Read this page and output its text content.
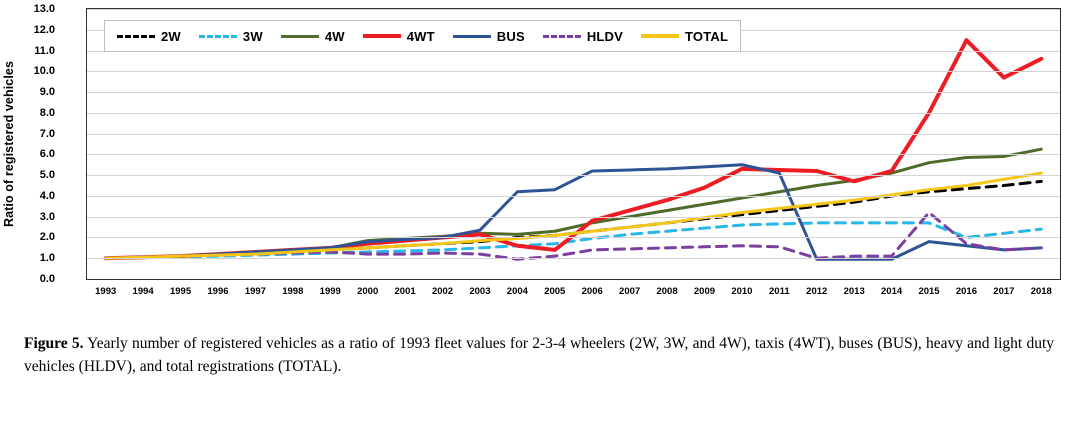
Ratio of registered vehicles
0.0
1.0
2.0
3.0
4.0
5.0
6.0
7.0
8.0
9.0
10.0
11.0
12.0
13.0
1993 1994 1995 1996 1997 1998 1999 2000 2001 2002 2003 2004 2005 2006 2007 2008 2009 2010 2011 2012 2013 2014 2015 2016 2017 2018
2W	3W	4W	4WT	BUS	HLDV	TOTAL
Figure 5. Yearly number of registered vehicles as a ratio of 1993 fleet values for 2-3-4 wheelers (2W, 3W, and 4W), taxis (4WT), buses (BUS), heavy and light duty vehicles (HLDV), and total registrations (TOTAL).
